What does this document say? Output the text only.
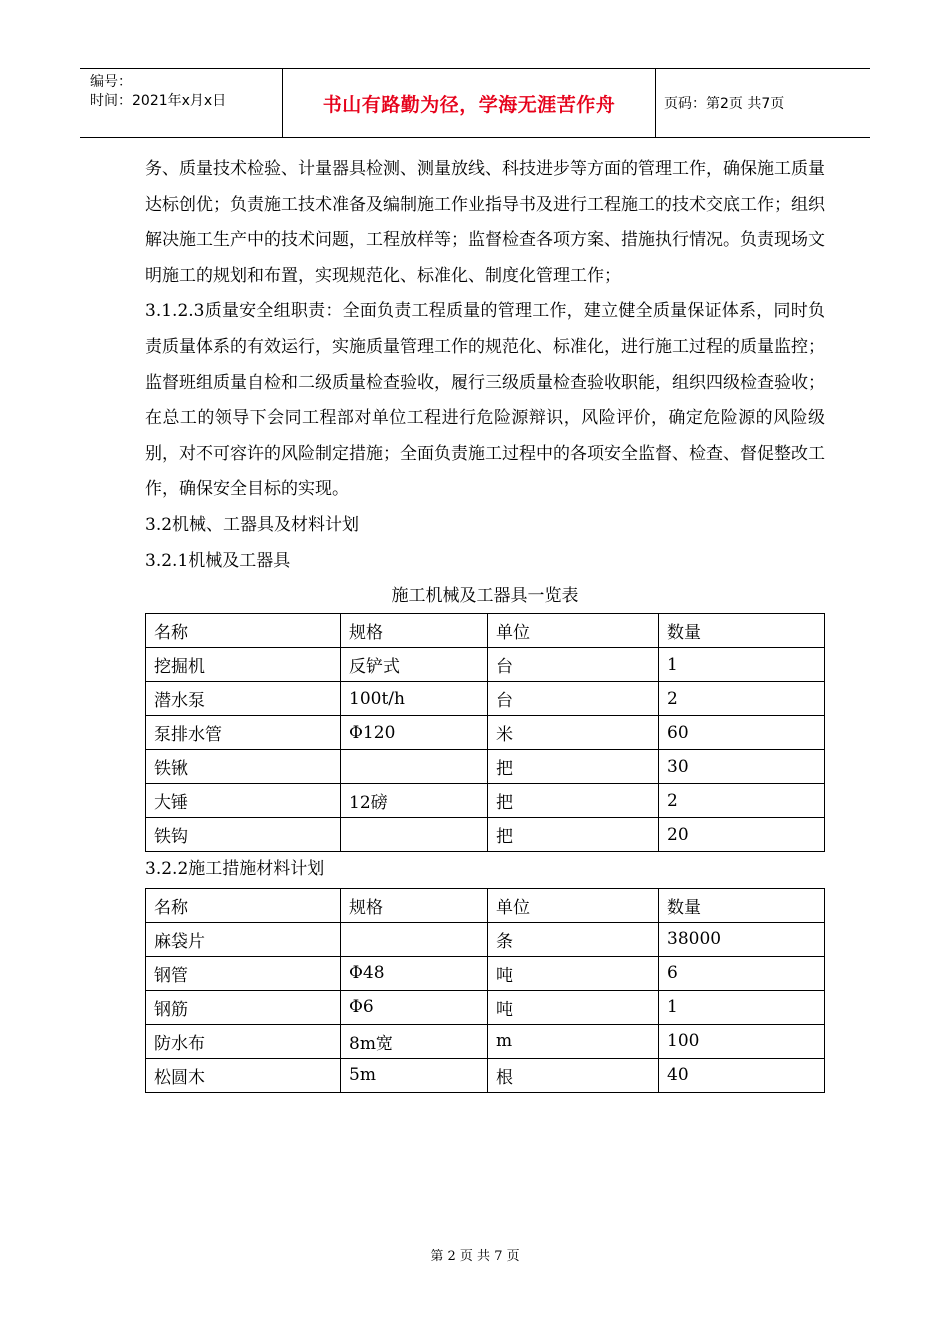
编号：
时间：2021年x月x日	书山有路勤为径，学海无涯苦作舟	页码：第2页 共7页

务、质量技术检验、计量器具检测、测量放线、科技进步等方面的管理工作，确保施工质量达标创优；负责施工技术准备及编制施工作业指导书及进行工程施工的技术交底工作；组织解决施工生产中的技术问题，工程放样等；监督检查各项方案、措施执行情况。负责现场文明施工的规划和布置，实现规范化、标准化、制度化管理工作；

3.1.2.3质量安全组职责：全面负责工程质量的管理工作，建立健全质量保证体系，同时负责质量体系的有效运行，实施质量管理工作的规范化、标准化，进行施工过程的质量监控；监督班组质量自检和二级质量检查验收，履行三级质量检查验收职能，组织四级检查验收；在总工的领导下会同工程部对单位工程进行危险源辩识，风险评价，确定危险源的风险级别，对不可容许的风险制定措施；全面负责施工过程中的各项安全监督、检查、督促整改工作，确保安全目标的实现。

3.2机械、工器具及材料计划

3.2.1机械及工器具

施工机械及工器具一览表

名称	规格	单位	数量
挖掘机	反铲式	台	1
潜水泵	100t/h	台	2
泵排水管	Φ120	米	60
铁锹		把	30
大锤	12磅	把	2
铁钩		把	20

3.2.2施工措施材料计划

名称	规格	单位	数量
麻袋片		条	38000
钢管	Φ48	吨	6
钢筋	Φ6	吨	1
防水布	8m宽	m	100
松圆木	5m	根	40
第 2 页 共 7 页
